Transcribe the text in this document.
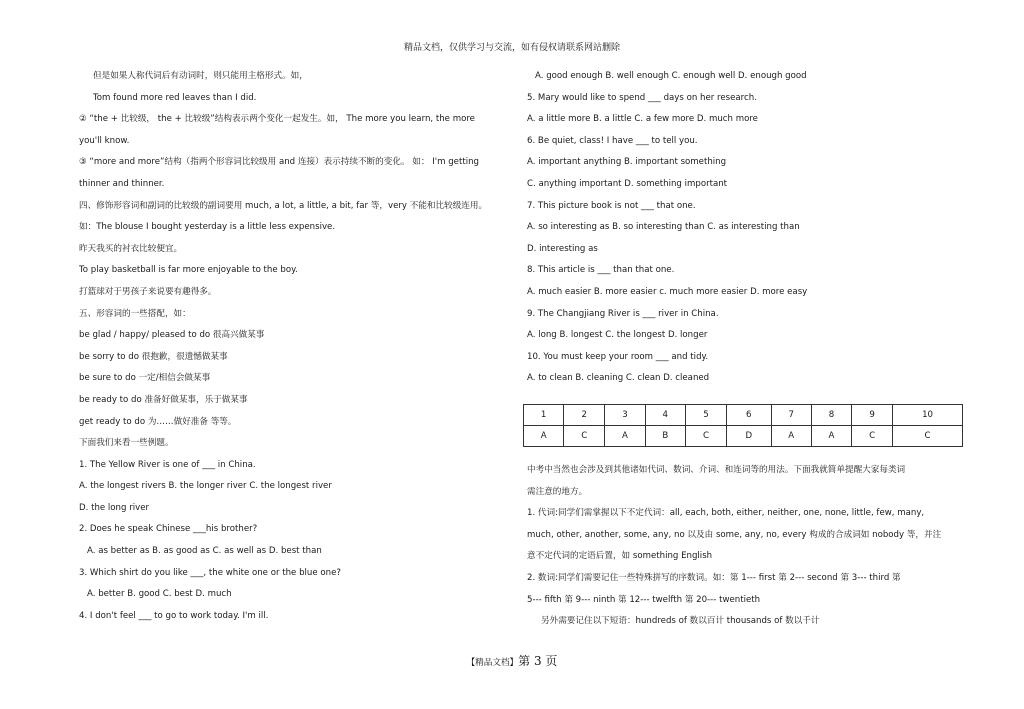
精品文档，仅供学习与交流，如有侵权请联系网站删除
但是如果人称代词后有动词时，则只能用主格形式。如，
Tom found more red leaves than I did.
② “the + 比较级， the + 比较级”结构表示两个变化一起发生。如， The more you learn, the more
you'll know.
③ “more and more”结构（指两个形容词比较级用 and 连接）表示持续不断的变化。 如： I'm getting
thinner and thinner.
四、修饰形容词和副词的比较级的副词要用 much, a lot, a little, a bit, far 等，very 不能和比较级连用。
如：The blouse I bought yesterday is a little less expensive.
昨天我买的衬衣比较便宜。
To play basketball is far more enjoyable to the boy.
打篮球对于男孩子来说要有趣得多。
五、形容词的一些搭配，如：
be glad / happy/ pleased to do 很高兴做某事
be sorry to do 很抱歉，很遗憾做某事
be sure to do 一定/相信会做某事
be ready to do 准备好做某事，乐于做某事
get ready to do 为……做好准备 等等。
下面我们来看一些例题。
1. The Yellow River is one of ___ in China.
A. the longest rivers B. the longer river C. the longest river
D. the long river
2. Does he speak Chinese ___his brother?
A. as better as B. as good as C. as well as D. best than
3. Which shirt do you like ___, the white one or the blue one?
A. better B. good C. best D. much
4. I don't feel ___ to go to work today. I'm ill.
A. good enough B. well enough C. enough well D. enough good
5. Mary would like to spend ___ days on her research.
A. a little more B. a little C. a few more D. much more
6. Be quiet, class! I have ___ to tell you.
A. important anything B. important something
C. anything important D. something important
7. This picture book is not ___ that one.
A. so interesting as B. so interesting than C. as interesting than
D. interesting as
8. This article is ___ than that one.
A. much easier B. more easier c. much more easier D. more easy
9. The Changjiang River is ___ river in China.
A. long B. longest C. the longest D. longer
10. You must keep your room ___ and tidy.
A. to clean B. cleaning C. clean D. cleaned
1	2	3	4	5	6	7	8	9	10
A	C	A	B	C	D	A	A	C	C
中考中当然也会涉及到其他诸如代词、数词、介词、和连词等的用法。下面我就简单提醒大家每类词
需注意的地方。
1. 代词:同学们需掌握以下不定代词：all, each, both, either, neither, one, none, little, few, many,
much, other, another, some, any, no 以及由 some, any, no, every 构成的合成词如 nobody 等，并注
意不定代词的定语后置，如 something English
2. 数词:同学们需要记住一些特殊拼写的序数词。如：第 1--- first 第 2--- second 第 3--- third 第
5--- fifth 第 9--- ninth 第 12--- twelfth 第 20--- twentieth
另外需要记住以下短语：hundreds of 数以百计 thousands of 数以千计
【精品文档】第 3 页
